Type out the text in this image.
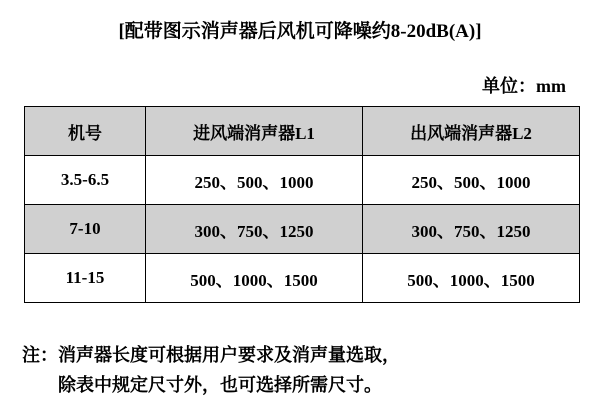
[配带图示消声器后风机可降噪约8-20dB(A)]
单位：mm
机号	进风端消声器L1	出风端消声器L2
3.5-6.5	250、500、1000	250、500、1000
7-10	300、750、1250	300、750、1250
11-15	500、1000、1500	500、1000、1500
注：消声器长度可根据用户要求及消声量选取，
除表中规定尺寸外，也可选择所需尺寸。
